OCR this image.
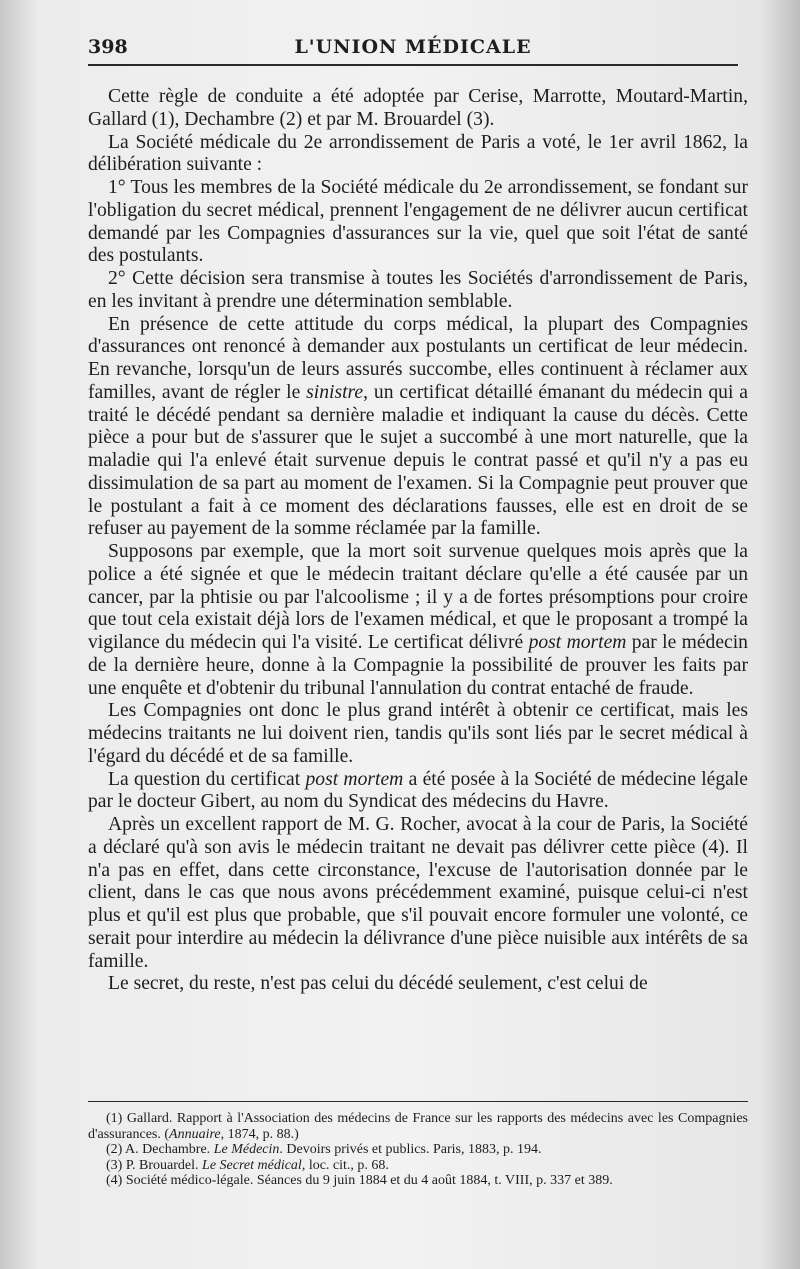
398	L'UNION MÉDICALE

Cette règle de conduite a été adoptée par Cerise, Marrotte, Moutard-Martin, Gallard (1), Dechambre (2) et par M. Brouardel (3).

La Société médicale du 2e arrondissement de Paris a voté, le 1er avril 1862, la délibération suivante :

1° Tous les membres de la Société médicale du 2e arrondissement, se fondant sur l'obligation du secret médical, prennent l'engagement de ne délivrer aucun certificat demandé par les Compagnies d'assurances sur la vie, quel que soit l'état de santé des postulants.

2° Cette décision sera transmise à toutes les Sociétés d'arrondissement de Paris, en les invitant à prendre une détermination semblable.

En présence de cette attitude du corps médical, la plupart des Compagnies d'assurances ont renoncé à demander aux postulants un certificat de leur médecin. En revanche, lorsqu'un de leurs assurés succombe, elles continuent à réclamer aux familles, avant de régler le sinistre, un certificat détaillé émanant du médecin qui a traité le décédé pendant sa dernière maladie et indiquant la cause du décès. Cette pièce a pour but de s'assurer que le sujet a succombé à une mort naturelle, que la maladie qui l'a enlevé était survenue depuis le contrat passé et qu'il n'y a pas eu dissimulation de sa part au moment de l'examen. Si la Compagnie peut prouver que le postulant a fait à ce moment des déclarations fausses, elle est en droit de se refuser au payement de la somme réclamée par la famille.

Supposons par exemple, que la mort soit survenue quelques mois après que la police a été signée et que le médecin traitant déclare qu'elle a été causée par un cancer, par la phtisie ou par l'alcoolisme ; il y a de fortes présomptions pour croire que tout cela existait déjà lors de l'examen médical, et que le proposant a trompé la vigilance du médecin qui l'a visité. Le certificat délivré post mortem par le médecin de la dernière heure, donne à la Compagnie la possibilité de prouver les faits par une enquête et d'obtenir du tribunal l'annulation du contrat entaché de fraude.

Les Compagnies ont donc le plus grand intérêt à obtenir ce certificat, mais les médecins traitants ne lui doivent rien, tandis qu'ils sont liés par le secret médical à l'égard du décédé et de sa famille.

La question du certificat post mortem a été posée à la Société de médecine légale par le docteur Gibert, au nom du Syndicat des médecins du Havre.

Après un excellent rapport de M. G. Rocher, avocat à la cour de Paris, la Société a déclaré qu'à son avis le médecin traitant ne devait pas délivrer cette pièce (4). Il n'a pas en effet, dans cette circonstance, l'excuse de l'autorisation donnée par le client, dans le cas que nous avons précédemment examiné, puisque celui-ci n'est plus et qu'il est plus que probable, que s'il pouvait encore formuler une volonté, ce serait pour interdire au médecin la délivrance d'une pièce nuisible aux intérêts de sa famille.

Le secret, du reste, n'est pas celui du décédé seulement, c'est celui de

(1) Gallard. Rapport à l'Association des médecins de France sur les rapports des médecins avec les Compagnies d'assurances. (Annuaire, 1874, p. 88.)

(2) A. Dechambre. Le Médecin. Devoirs privés et publics. Paris, 1883, p. 194.

(3) P. Brouardel. Le Secret médical, loc. cit., p. 68.

(4) Société médico-légale. Séances du 9 juin 1884 et du 4 août 1884, t. VIII, p. 337 et 389.
